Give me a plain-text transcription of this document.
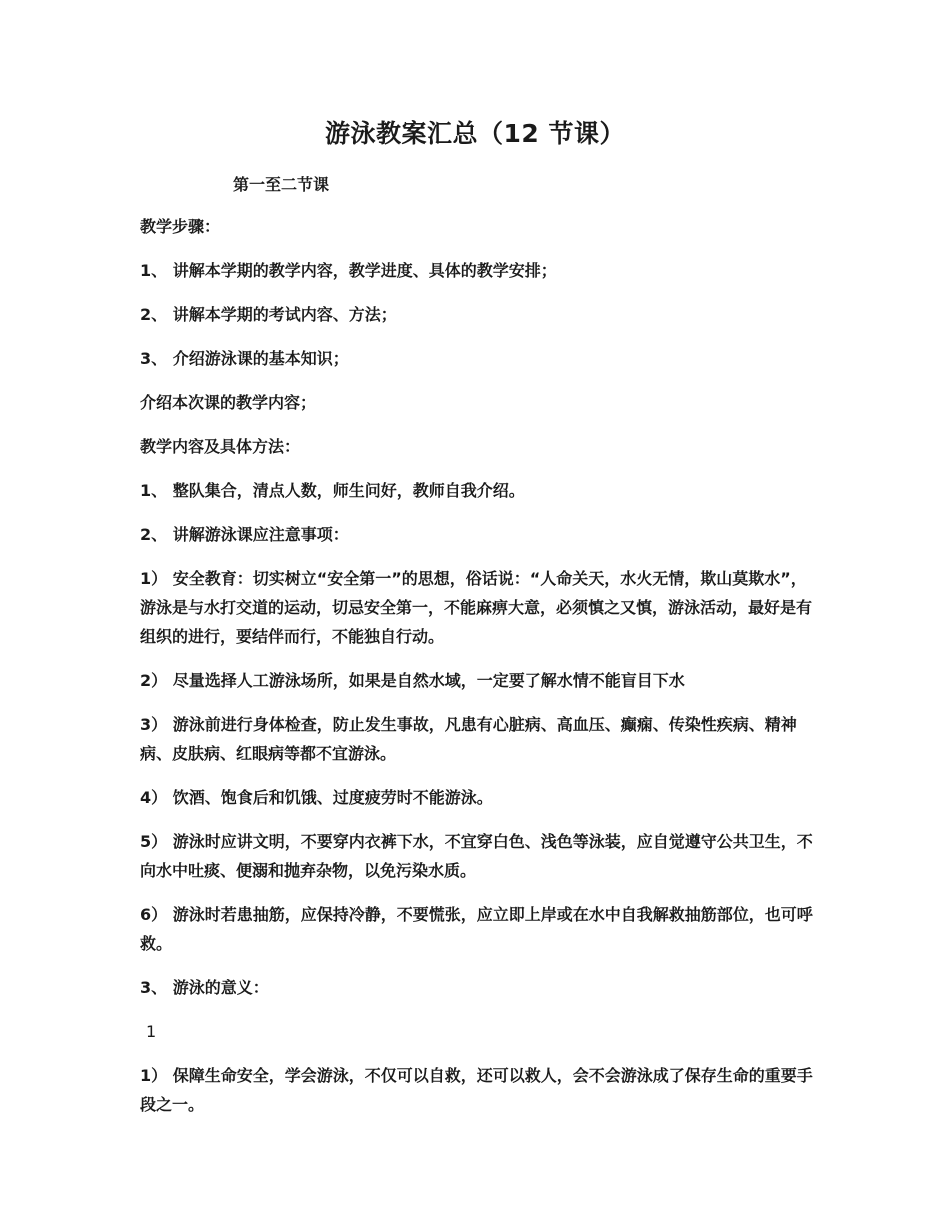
游泳教案汇总（12 节课）
第一至二节课

教学步骤：

1、 讲解本学期的教学内容，教学进度、具体的教学安排；

2、 讲解本学期的考试内容、方法；

3、 介绍游泳课的基本知识；

介绍本次课的教学内容；

教学内容及具体方法：

1、 整队集合，清点人数，师生问好，教师自我介绍。

2、 讲解游泳课应注意事项：

1） 安全教育：切实树立“安全第一”的思想，俗话说：“人命关天，水火无情，欺山莫欺水”，游泳是与水打交道的运动，切忌安全第一，不能麻痹大意，必须慎之又慎，游泳活动，最好是有组织的进行，要结伴而行，不能独自行动。

2） 尽量选择人工游泳场所，如果是自然水域，一定要了解水情不能盲目下水

3） 游泳前进行身体检查，防止发生事故，凡患有心脏病、高血压、癫痫、传染性疾病、精神病、皮肤病、红眼病等都不宜游泳。

4） 饮酒、饱食后和饥饿、过度疲劳时不能游泳。

5） 游泳时应讲文明，不要穿内衣裤下水，不宜穿白色、浅色等泳装，应自觉遵守公共卫生，不向水中吐痰、便溺和抛弃杂物，以免污染水质。

6） 游泳时若患抽筋，应保持冷静，不要慌张，应立即上岸或在水中自我解救抽筋部位，也可呼救。

3、 游泳的意义：

1

1） 保障生命安全，学会游泳，不仅可以自救，还可以救人，会不会游泳成了保存生命的重要手段之一。
